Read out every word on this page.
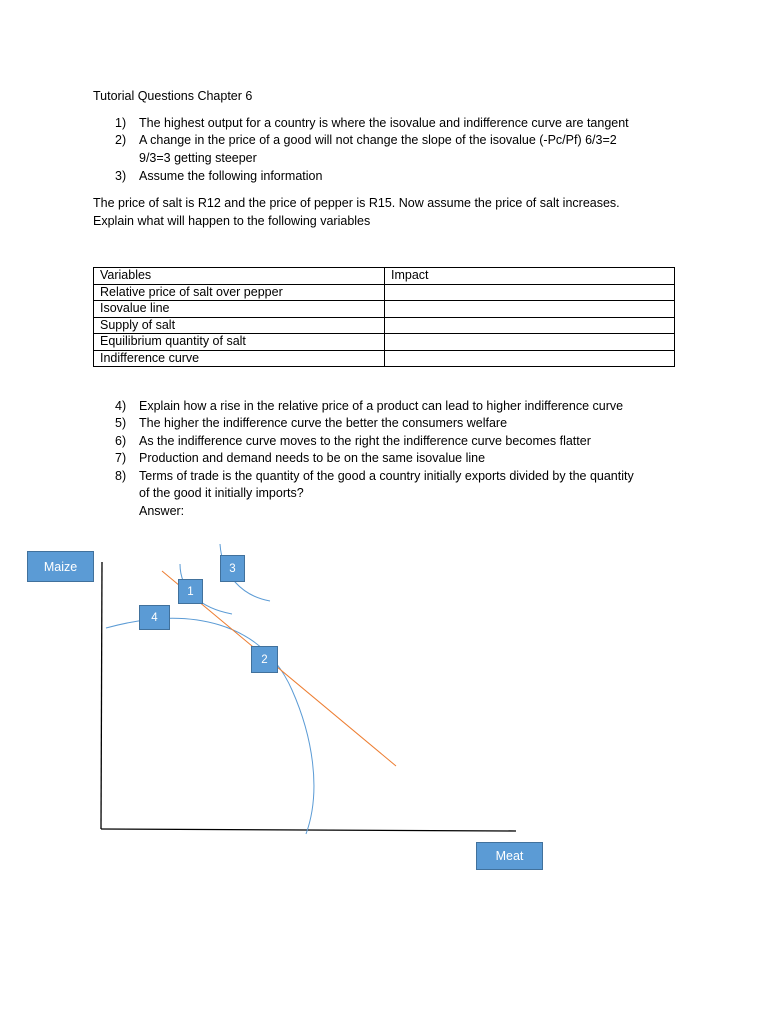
Tutorial Questions Chapter 6
1)	The highest output for a country is where the isovalue and indifference curve are tangent
2)	A change in the price of a good will not change the slope of the isovalue (-Pc/Pf) 6/3=2
9/3=3 getting steeper
3)	Assume the following information
The price of salt is R12 and the price of pepper is R15. Now assume the price of salt increases.
Explain what will happen to the following variables
Variables	Impact
Relative price of salt over pepper	
Isovalue line	
Supply of salt	
Equilibrium quantity of salt	
Indifference curve	
4)	Explain how a rise in the relative price of a product can lead to higher indifference curve
5)	The higher the indifference curve the better the consumers welfare
6)	As the indifference curve moves to the right the indifference curve becomes flatter
7)	Production and demand needs to be on the same isovalue line
8)	Terms of trade is the quantity of the good a country initially exports divided by the quantity
of the good it initially imports?
Answer:
Maize
Meat
1
2
3
4
